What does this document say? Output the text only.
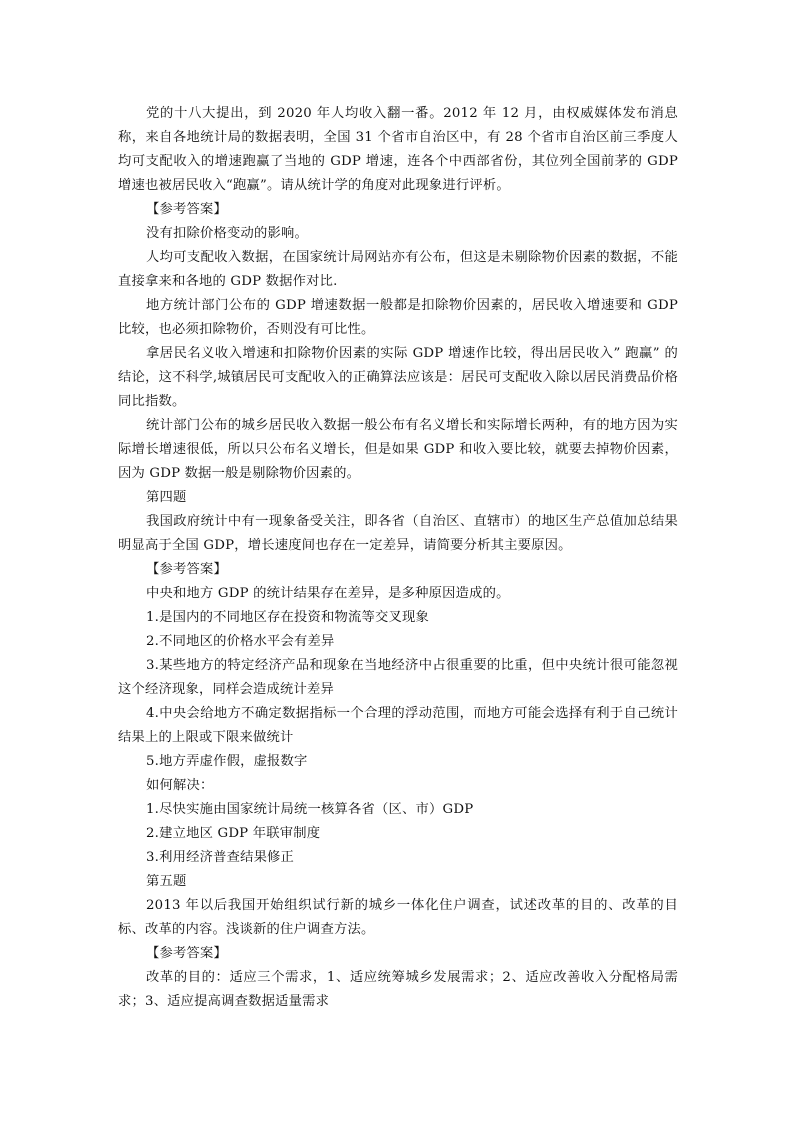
党的十八大提出，到 2020 年人均收入翻一番。2012 年 12 月，由权威媒体发布消息称，来自各地统计局的数据表明，全国 31 个省市自治区中，有 28 个省市自治区前三季度人均可支配收入的增速跑赢了当地的 GDP 增速，连各个中西部省份，其位列全国前茅的 GDP 增速也被居民收入“跑赢”。请从统计学的角度对此现象进行评析。

【参考答案】

没有扣除价格变动的影响。

人均可支配收入数据，在国家统计局网站亦有公布，但这是未剔除物价因素的数据，不能直接拿来和各地的 GDP 数据作对比.

地方统计部门公布的 GDP 增速数据一般都是扣除物价因素的，居民收入增速要和 GDP 比较，也必须扣除物价，否则没有可比性。

拿居民名义收入增速和扣除物价因素的实际 GDP 增速作比较，得出居民收入” 跑赢” 的结论，这不科学,城镇居民可支配收入的正确算法应该是：居民可支配收入除以居民消费品价格同比指数。

统计部门公布的城乡居民收入数据一般公布有名义增长和实际增长两种，有的地方因为实际增长增速很低，所以只公布名义增长，但是如果 GDP 和收入要比较，就要去掉物价因素，因为 GDP 数据一般是剔除物价因素的。

第四题

我国政府统计中有一现象备受关注，即各省（自治区、直辖市）的地区生产总值加总结果明显高于全国 GDP，增长速度间也存在一定差异，请简要分析其主要原因。

【参考答案】

中央和地方 GDP 的统计结果存在差异，是多种原因造成的。

1.是国内的不同地区存在投资和物流等交叉现象

2.不同地区的价格水平会有差异

3.某些地方的特定经济产品和现象在当地经济中占很重要的比重，但中央统计很可能忽视这个经济现象，同样会造成统计差异

4.中央会给地方不确定数据指标一个合理的浮动范围，而地方可能会选择有利于自己统计结果上的上限或下限来做统计

5.地方弄虚作假，虚报数字

如何解决：

1.尽快实施由国家统计局统一核算各省（区、市）GDP

2.建立地区 GDP 年联审制度

3.利用经济普查结果修正

第五题

2013 年以后我国开始组织试行新的城乡一体化住户调查，试述改革的目的、改革的目标、改革的内容。浅谈新的住户调查方法。

【参考答案】

改革的目的：适应三个需求，1、适应统筹城乡发展需求；2、适应改善收入分配格局需求；3、适应提高调查数据适量需求
